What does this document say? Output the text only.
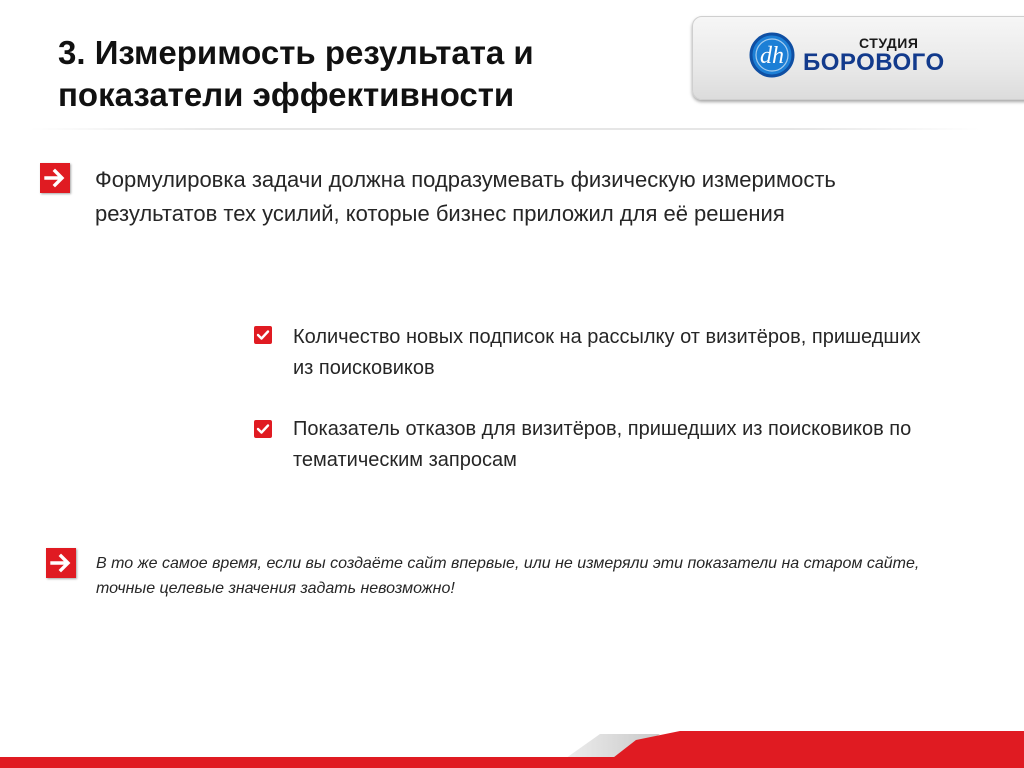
3. Измеримость результата и
показатели эффективности
dh	СТУДИЯ
БОРОВОГО

Формулировка задачи должна подразумевать физическую измеримость результатов тех усилий, которые бизнес приложил для её решения

Количество новых подписок на рассылку от визитёров, пришедших из поисковиков

Показатель отказов для визитёров, пришедших из поисковиков по тематическим запросам

В то же самое время, если вы создаёте сайт впервые, или не измеряли эти показатели на старом сайте, точные целевые значения задать невозможно!
